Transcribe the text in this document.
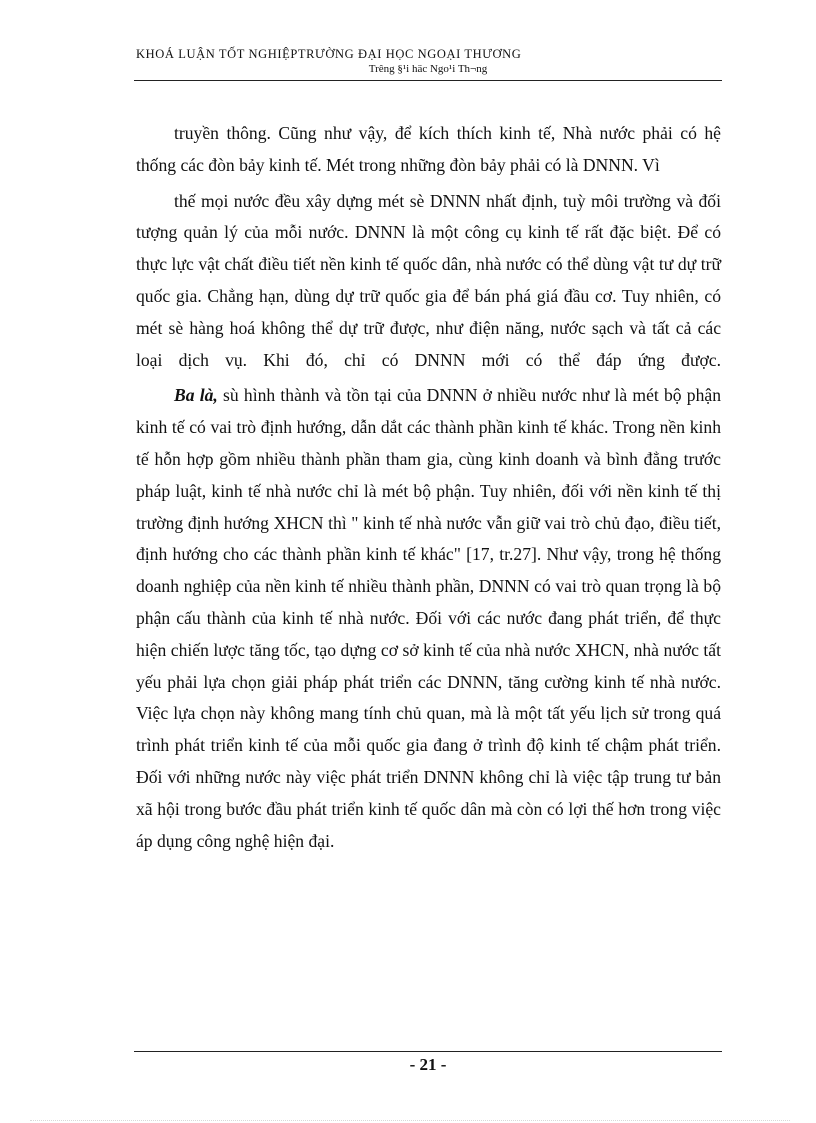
KHOÁ LUẬN TỐT NGHIỆPTRƯỜNG ĐẠI HỌC NGOẠI THƯƠNG
Trêng §¹i häc Ngo¹i Th¬ng

truyền thông. Cũng như vậy, để kích thích kinh tế, Nhà nước phải có hệ thống các đòn bảy kinh tế. Mét trong những đòn bảy phải có là DNNN. Vì

thế mọi nước đều xây dựng mét sè DNNN nhất định, tuỳ môi trường và đối tượng quản lý của mỗi nước. DNNN là một công cụ kinh tế rất đặc biệt. Để có thực lực vật chất điều tiết nền kinh tế quốc dân, nhà nước có thể dùng vật tư dự trữ quốc gia. Chẳng hạn, dùng dự trữ quốc gia để bán phá giá đầu cơ. Tuy nhiên, có mét sè hàng hoá không thể dự trữ được, như điện năng, nước sạch và tất cả các loại dịch vụ. Khi đó, chỉ có DNNN mới có thể đáp ứng được.

Ba là, sù hình thành và tồn tại của DNNN ở nhiều nước như là mét bộ phận kinh tế có vai trò định hướng, dẫn dắt các thành phần kinh tế khác. Trong nền kinh tế hỗn hợp gồm nhiều thành phần tham gia, cùng kinh doanh và bình đẳng trước pháp luật, kinh tế nhà nước chỉ là mét bộ phận. Tuy nhiên, đối với nền kinh tế thị trường định hướng XHCN thì " kinh tế nhà nước vẫn giữ vai trò chủ đạo, điều tiết, định hướng cho các thành phần kinh tế khác" [17, tr.27]. Như vậy, trong hệ thống doanh nghiệp của nền kinh tế nhiều thành phần, DNNN có vai trò quan trọng là bộ phận cấu thành của kinh tế nhà nước. Đối với các nước đang phát triển, để thực hiện chiến lược tăng tốc, tạo dựng cơ sở kinh tế của nhà nước XHCN, nhà nước tất yếu phải lựa chọn giải pháp phát triển các DNNN, tăng cường kinh tế nhà nước. Việc lựa chọn này không mang tính chủ quan, mà là một tất yếu lịch sử trong quá trình phát triển kinh tế của mỗi quốc gia đang ở trình độ kinh tế chậm phát triển. Đối với những nước này việc phát triển DNNN không chỉ là việc tập trung tư bản xã hội trong bước đầu phát triển kinh tế quốc dân mà còn có lợi thế hơn trong việc áp dụng công nghệ hiện đại.

- 21 -
